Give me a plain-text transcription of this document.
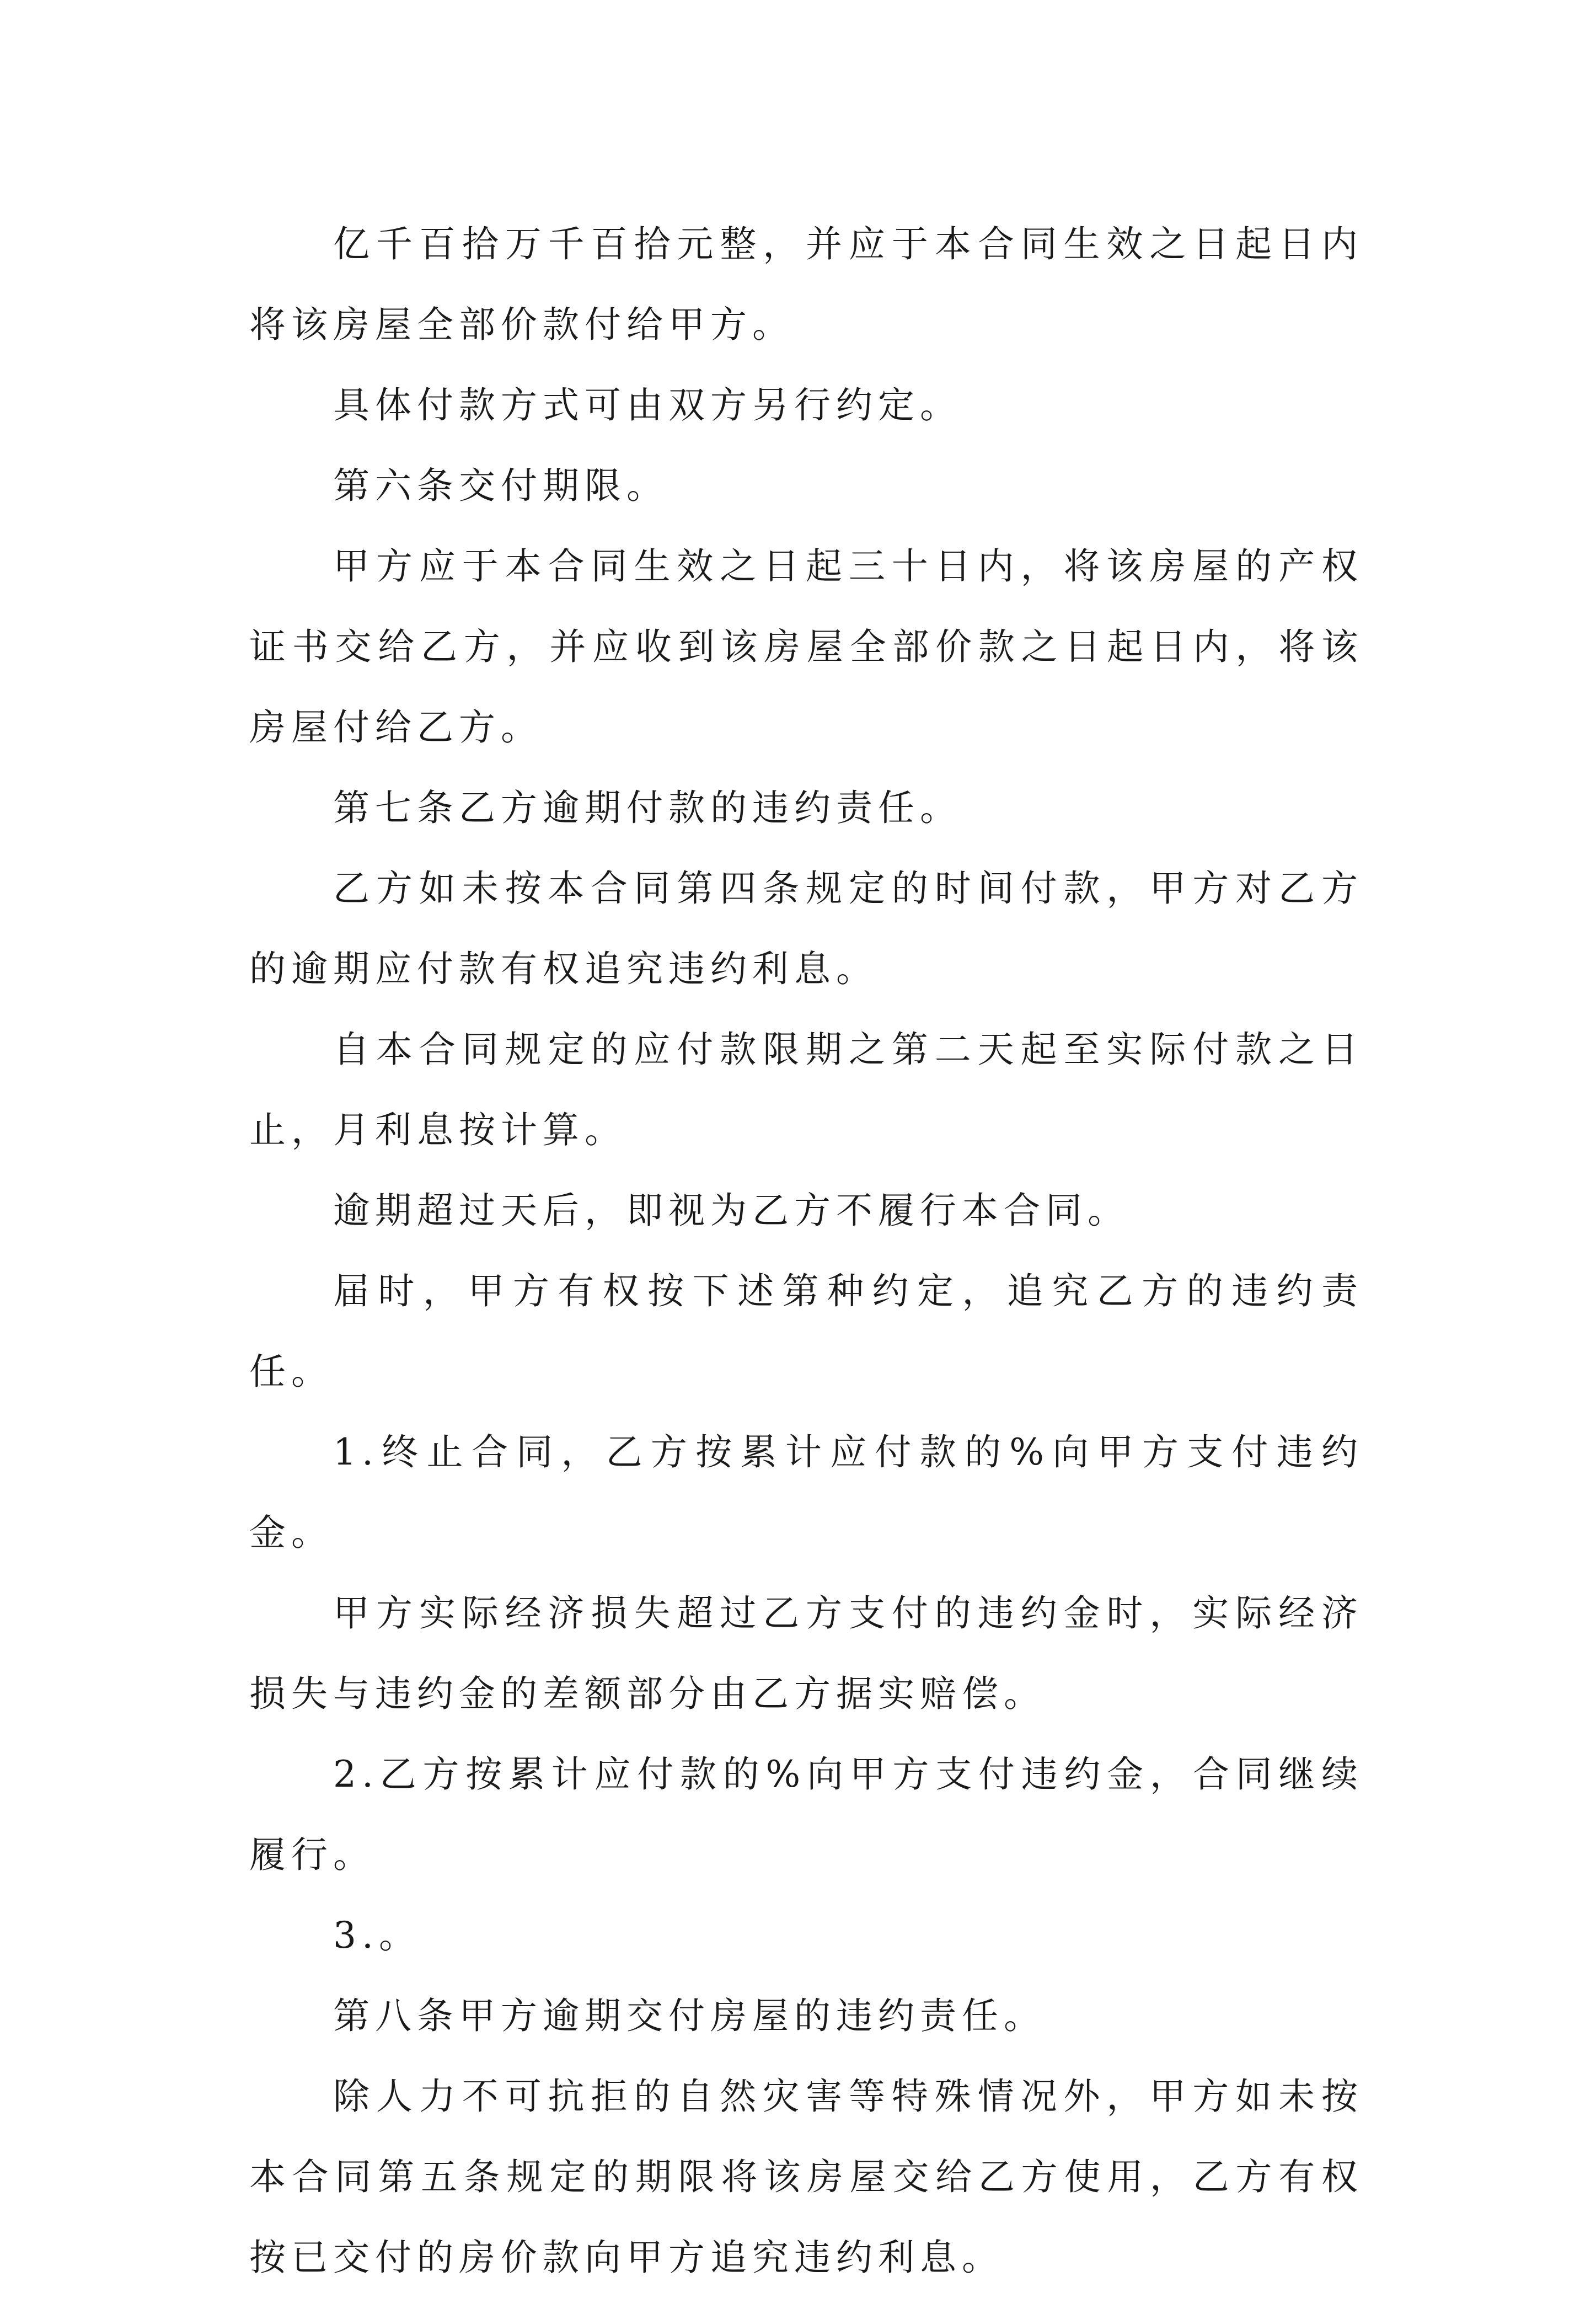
亿千百拾万千百拾元整，并应于本合同生效之日起日内将该房屋全部价款付给甲方。

具体付款方式可由双方另行约定。

第六条交付期限。

甲方应于本合同生效之日起三十日内，将该房屋的产权证书交给乙方，并应收到该房屋全部价款之日起日内，将该房屋付给乙方。

第七条乙方逾期付款的违约责任。

乙方如未按本合同第四条规定的时间付款，甲方对乙方的逾期应付款有权追究违约利息。

自本合同规定的应付款限期之第二天起至实际付款之日止，月利息按计算。

逾期超过天后，即视为乙方不履行本合同。

届时，甲方有权按下述第种约定，追究乙方的违约责任。

1.终止合同，乙方按累计应付款的%向甲方支付违约金。

甲方实际经济损失超过乙方支付的违约金时，实际经济损失与违约金的差额部分由乙方据实赔偿。

2.乙方按累计应付款的%向甲方支付违约金，合同继续履行。

3.。

第八条甲方逾期交付房屋的违约责任。

除人力不可抗拒的自然灾害等特殊情况外，甲方如未按本合同第五条规定的期限将该房屋交给乙方使用，乙方有权按已交付的房价款向甲方追究违约利息。
